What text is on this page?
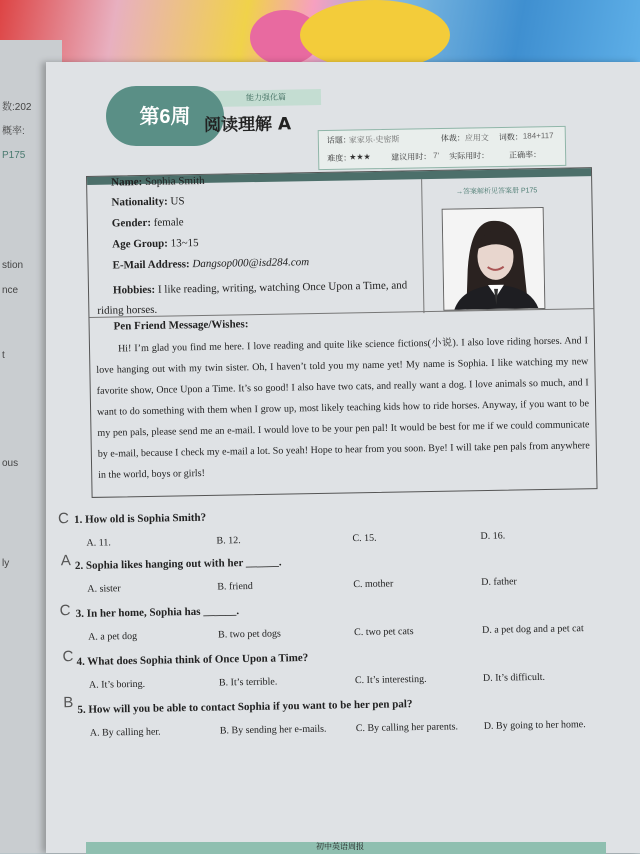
数:202
概率:
P175
stion
nce
t
ous
ly
能力强化篇
第6周 阅读理解 A
话题：
家家乐·史密斯	体裁： 应用文 词数： 184+117
难度：
★★★	建议用时： 7' 实际用时： 正确率：
→答案解析见答案册 P175
Name: Sophia Smith
Nationality: US
Gender: female
Age Group: 13~15
E-Mail Address: Dangsop000@isd284.com
Hobbies: I like reading, writing, watching Once Upon a Time, and riding horses.
Pen Friend Message/Wishes:
Hi! I’m glad you find me here. I love reading and quite like science fictions(小说). I also love riding horses. And I love hanging out with my twin sister. Oh, I haven’t told you my name yet! My name is Sophia. I like watching my new favorite show, Once Upon a Time. It’s so good! I also have two cats, and really want a dog. I love animals so much, and I want to do something with them when I grow up, most likely teaching kids how to ride horses. Anyway, if you want to be my pen pals, please send me an e-mail. I would love to be your pen pal! It would be best for me if we could communicate by e-mail, because I check my e-mail a lot. So yeah! Hope to hear from you soon. Bye! I will take pen pals from anywhere in the world, boys or girls!
C 1. How old is Sophia Smith?
A. 11.	B. 12.	C. 15.	D. 16.
A 2. Sophia likes hanging out with her ______.
A. sister	B. friend	C. mother	D. father
C 3. In her home, Sophia has ______.
A. a pet dog	B. two pet dogs	C. two pet cats	D. a pet dog and a pet cat
C 4. What does Sophia think of Once Upon a Time?
A. It’s boring.	B. It’s terrible.	C. It’s interesting.	D. It’s difficult.
B 5. How will you be able to contact Sophia if you want to be her pen pal?
A. By calling her.	B. By sending her e-mails.	C. By calling her parents.	D. By going to her home.
初中英语周报
